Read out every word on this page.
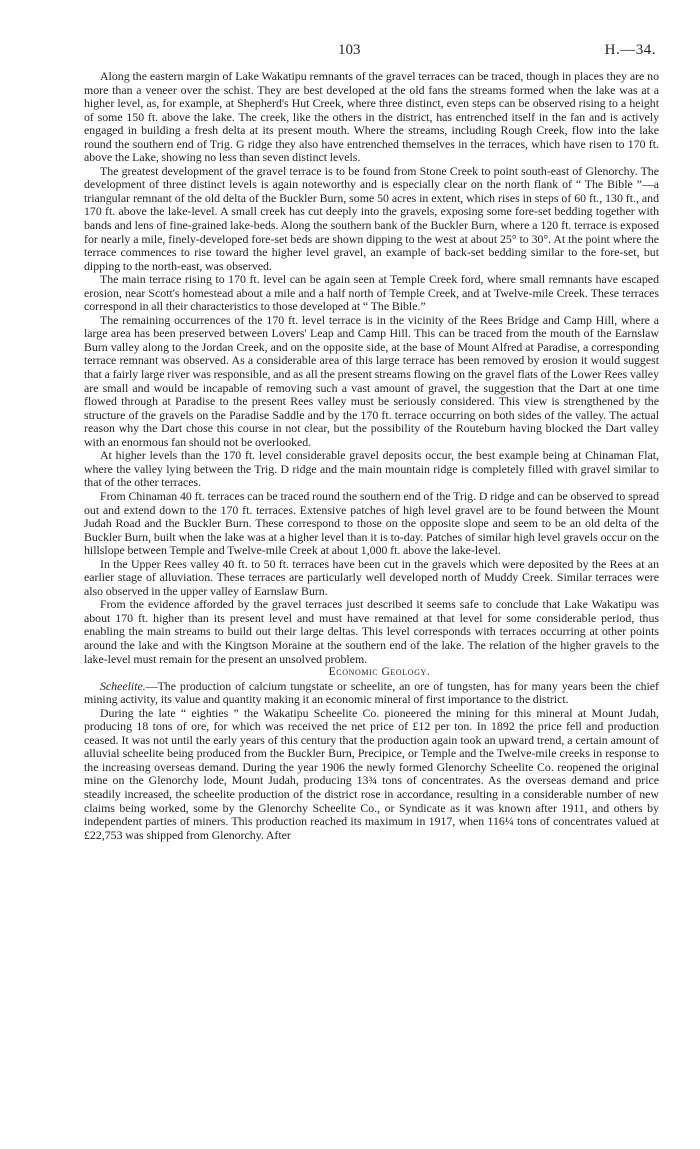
103	H.—34.

Along the eastern margin of Lake Wakatipu remnants of the gravel terraces can be traced, though in places they are no more than a veneer over the schist. They are best developed at the old fans the streams formed when the lake was at a higher level, as, for example, at Shepherd's Hut Creek, where three distinct, even steps can be observed rising to a height of some 150 ft. above the lake. The creek, like the others in the district, has entrenched itself in the fan and is actively engaged in building a fresh delta at its present mouth. Where the streams, including Rough Creek, flow into the lake round the southern end of Trig. G ridge they also have entrenched themselves in the terraces, which have risen to 170 ft. above the Lake, showing no less than seven distinct levels.

The greatest development of the gravel terrace is to be found from Stone Creek to point south-east of Glenorchy. The development of three distinct levels is again noteworthy and is especially clear on the north flank of “ The Bible ”—a triangular remnant of the old delta of the Buckler Burn, some 50 acres in extent, which rises in steps of 60 ft., 130 ft., and 170 ft. above the lake-level. A small creek has cut deeply into the gravels, exposing some fore-set bedding together with bands and lens of fine-grained lake-beds. Along the southern bank of the Buckler Burn, where a 120 ft. terrace is exposed for nearly a mile, finely-developed fore-set beds are shown dipping to the west at about 25° to 30°. At the point where the terrace commences to rise toward the higher level gravel, an example of back-set bedding similar to the fore-set, but dipping to the north-east, was observed.

The main terrace rising to 170 ft. level can be again seen at Temple Creek ford, where small remnants have escaped erosion, near Scott's homestead about a mile and a half north of Temple Creek, and at Twelve-mile Creek. These terraces correspond in all their characteristics to those developed at “ The Bible.”

The remaining occurrences of the 170 ft. level terrace is in the vicinity of the Rees Bridge and Camp Hill, where a large area has been preserved between Lovers' Leap and Camp Hill. This can be traced from the mouth of the Earnslaw Burn valley along to the Jordan Creek, and on the opposite side, at the base of Mount Alfred at Paradise, a corresponding terrace remnant was observed. As a considerable area of this large terrace has been removed by erosion it would suggest that a fairly large river was responsible, and as all the present streams flowing on the gravel flats of the Lower Rees valley are small and would be incapable of removing such a vast amount of gravel, the suggestion that the Dart at one time flowed through at Paradise to the present Rees valley must be seriously considered. This view is strengthened by the structure of the gravels on the Paradise Saddle and by the 170 ft. terrace occurring on both sides of the valley. The actual reason why the Dart chose this course in not clear, but the possibility of the Routeburn having blocked the Dart valley with an enormous fan should not be overlooked.

At higher levels than the 170 ft. level considerable gravel deposits occur, the best example being at Chinaman Flat, where the valley lying between the Trig. D ridge and the main mountain ridge is completely filled with gravel similar to that of the other terraces.

From Chinaman 40 ft. terraces can be traced round the southern end of the Trig. D ridge and can be observed to spread out and extend down to the 170 ft. terraces. Extensive patches of high level gravel are to be found between the Mount Judah Road and the Buckler Burn. These correspond to those on the opposite slope and seem to be an old delta of the Buckler Burn, built when the lake was at a higher level than it is to-day. Patches of similar high level gravels occur on the hillslope between Temple and Twelve-mile Creek at about 1,000 ft. above the lake-level.

In the Upper Rees valley 40 ft. to 50 ft. terraces have been cut in the gravels which were deposited by the Rees at an earlier stage of alluviation. These terraces are particularly well developed north of Muddy Creek. Similar terraces were also observed in the upper valley of Earnslaw Burn.

From the evidence afforded by the gravel terraces just described it seems safe to conclude that Lake Wakatipu was about 170 ft. higher than its present level and must have remained at that level for some considerable period, thus enabling the main streams to build out their large deltas. This level corresponds with terraces occurring at other points around the lake and with the Kingtson Moraine at the southern end of the lake. The relation of the higher gravels to the lake-level must remain for the present an unsolved problem.

Economic Geology.

Scheelite.—The production of calcium tungstate or scheelite, an ore of tungsten, has for many years been the chief mining activity, its value and quantity making it an economic mineral of first importance to the district.

During the late “ eighties ” the Wakatipu Scheelite Co. pioneered the mining for this mineral at Mount Judah, producing 18 tons of ore, for which was received the net price of £12 per ton. In 1892 the price fell and production ceased. It was not until the early years of this century that the production again took an upward trend, a certain amount of alluvial scheelite being produced from the Buckler Burn, Precipice, or Temple and the Twelve-mile creeks in response to the increasing overseas demand. During the year 1906 the newly formed Glenorchy Scheelite Co. reopened the original mine on the Glenorchy lode, Mount Judah, producing 13¾ tons of concentrates. As the overseas demand and price steadily increased, the scheelite production of the district rose in accordance, resulting in a considerable number of new claims being worked, some by the Glenorchy Scheelite Co., or Syndicate as it was known after 1911, and others by independent parties of miners. This production reached its maximum in 1917, when 116¼ tons of concentrates valued at £22,753 was shipped from Glenorchy. After
